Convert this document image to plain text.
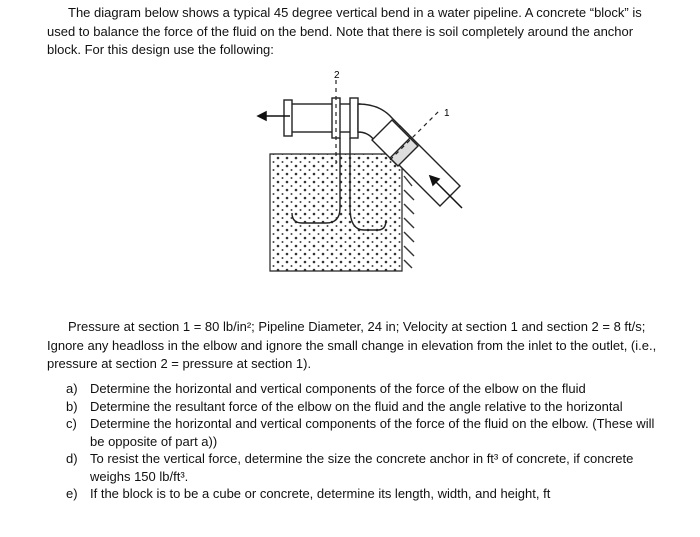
The diagram below shows a typical 45 degree vertical bend in a water pipeline. A concrete “block” is
used to balance the force of the fluid on the bend. Note that there is soil completely around the anchor block. For this design use the following:

2
1

Pressure at section 1 = 80 lb/in²; Pipeline Diameter, 24 in; Velocity at section 1 and section 2 = 8 ft/s;
Ignore any headloss in the elbow and ignore the small change in elevation from the inlet to the outlet, (i.e., pressure at section 2 = pressure at section 1).

a) Determine the horizontal and vertical components of the force of the elbow on the fluid
b) Determine the resultant force of the elbow on the fluid and the angle relative to the horizontal
c) Determine the horizontal and vertical components of the force of the fluid on the elbow. (These will be opposite of part a))
d) To resist the vertical force, determine the size the concrete anchor in ft³ of concrete, if concrete weighs 150 lb/ft³.
e) If the block is to be a cube or concrete, determine its length, width, and height, ft
